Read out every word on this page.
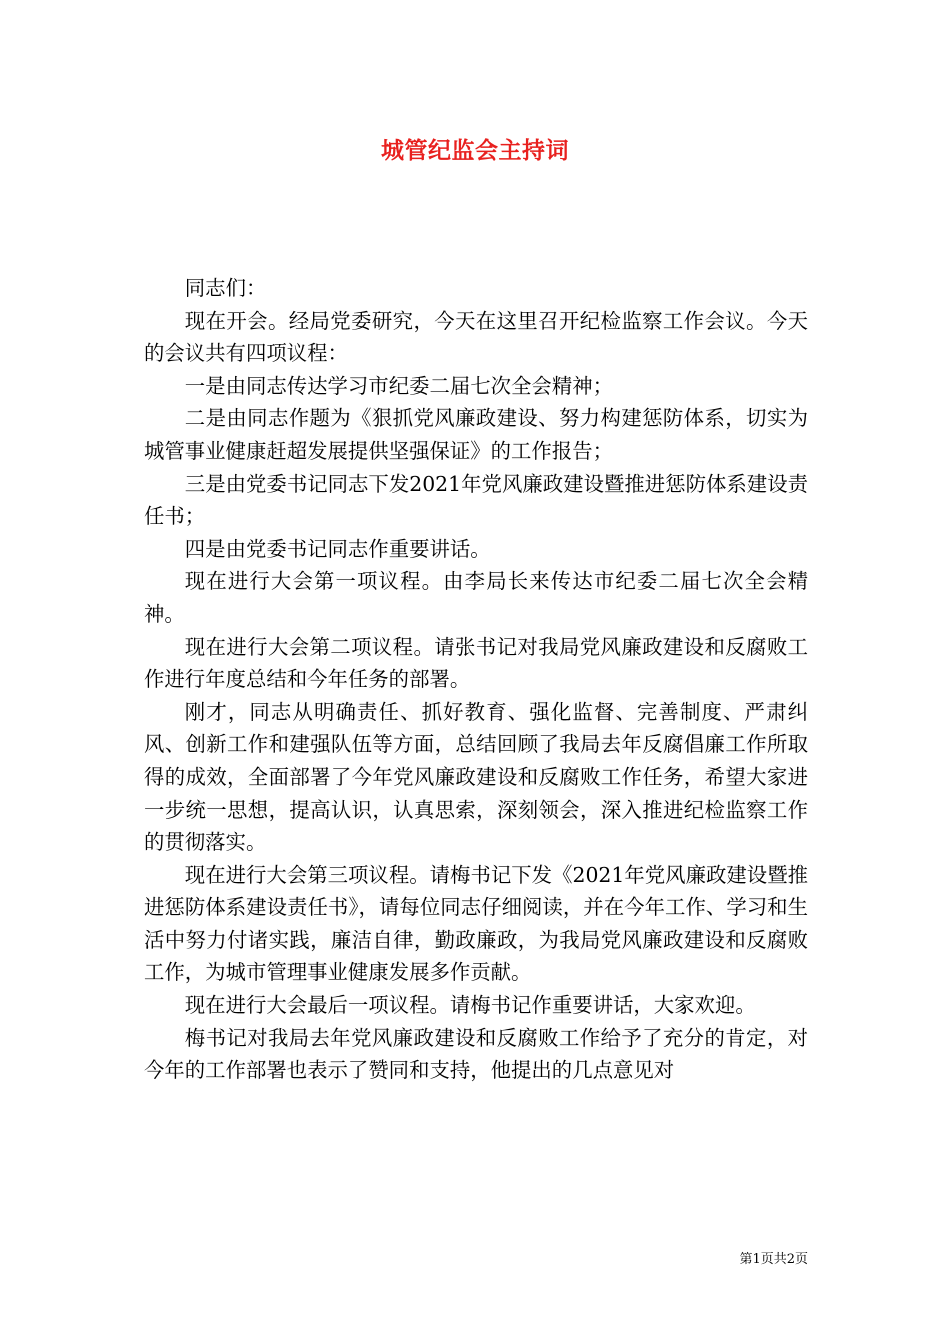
城管纪监会主持词

同志们：

现在开会。经局党委研究，今天在这里召开纪检监察工作会议。今天的会议共有四项议程：

一是由同志传达学习市纪委二届七次全会精神；

二是由同志作题为《狠抓党风廉政建设、努力构建惩防体系，切实为城管事业健康赶超发展提供坚强保证》的工作报告；

三是由党委书记同志下发2021年党风廉政建设暨推进惩防体系建设责任书；

四是由党委书记同志作重要讲话。

现在进行大会第一项议程。由李局长来传达市纪委二届七次全会精神。

现在进行大会第二项议程。请张书记对我局党风廉政建设和反腐败工作进行年度总结和今年任务的部署。

刚才，同志从明确责任、抓好教育、强化监督、完善制度、严肃纠风、创新工作和建强队伍等方面，总结回顾了我局去年反腐倡廉工作所取得的成效，全面部署了今年党风廉政建设和反腐败工作任务，希望大家进一步统一思想，提高认识，认真思索，深刻领会，深入推进纪检监察工作的贯彻落实。

现在进行大会第三项议程。请梅书记下发《2021年党风廉政建设暨推进惩防体系建设责任书》，请每位同志仔细阅读，并在今年工作、学习和生活中努力付诸实践，廉洁自律，勤政廉政，为我局党风廉政建设和反腐败工作，为城市管理事业健康发展多作贡献。

现在进行大会最后一项议程。请梅书记作重要讲话，大家欢迎。

梅书记对我局去年党风廉政建设和反腐败工作给予了充分的肯定，对今年的工作部署也表示了赞同和支持，他提出的几点意见对

第1页共2页
